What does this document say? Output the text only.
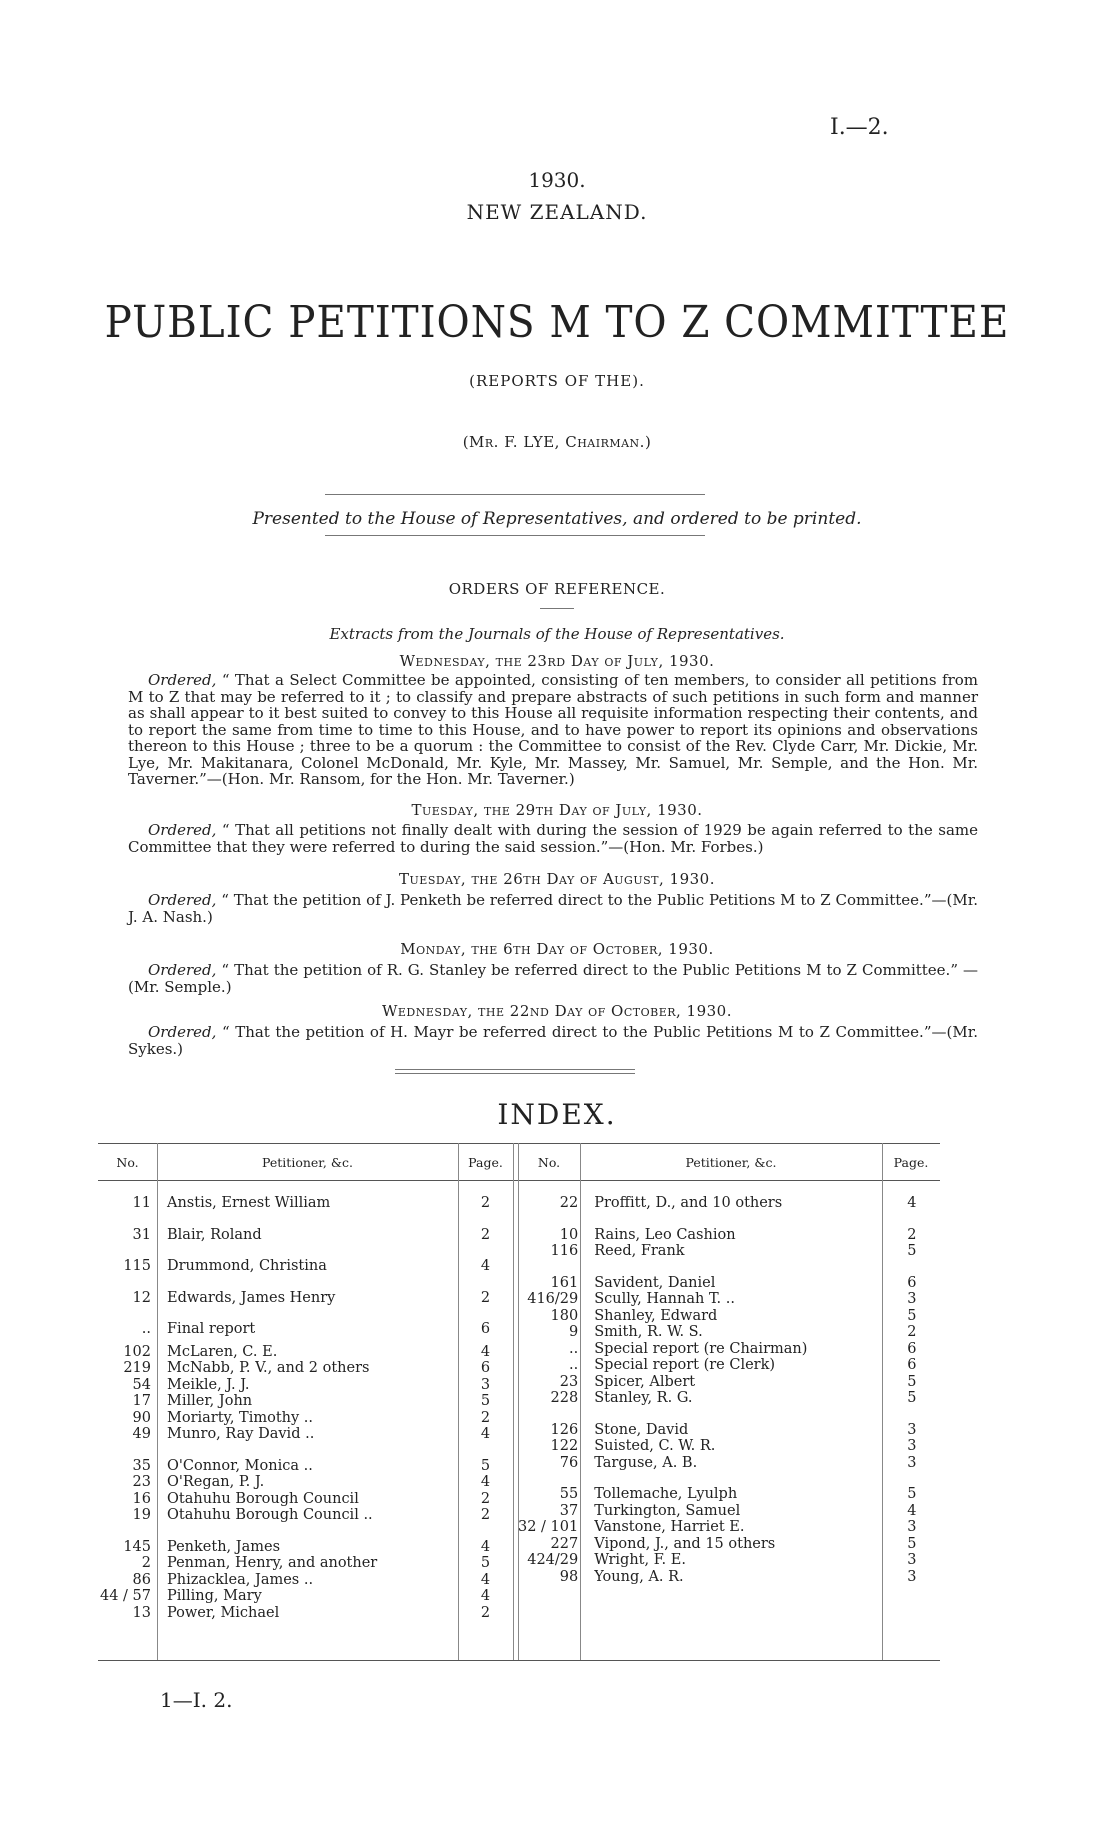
I.—2.
1930.
NEW ZEALAND.
PUBLIC PETITIONS M TO Z COMMITTEE
(REPORTS OF THE).
(Mr. F. LYE, Chairman.)
Presented to the House of Representatives, and ordered to be printed.
ORDERS OF REFERENCE.
Extracts from the Journals of the House of Representatives.
Wednesday, the 23rd Day of July, 1930.
Ordered, “ That a Select Committee be appointed, consisting of ten members, to consider all petitions from M to Z that may be referred to it ; to classify and prepare abstracts of such petitions in such form and manner as shall appear to it best suited to convey to this House all requisite information respecting their contents, and to report the same from time to time to this House, and to have power to report its opinions and observations thereon to this House ; three to be a quorum : the Committee to consist of the Rev. Clyde Carr, Mr. Dickie, Mr. Lye, Mr. Makitanara, Colonel McDonald, Mr. Kyle, Mr. Massey, Mr. Samuel, Mr. Semple, and the Hon. Mr. Taverner.”—(Hon. Mr. Ransom, for the Hon. Mr. Taverner.)
Tuesday, the 29th Day of July, 1930.
Ordered, “ That all petitions not finally dealt with during the session of 1929 be again referred to the same Committee that they were referred to during the said session.”—(Hon. Mr. Forbes.)
Tuesday, the 26th Day of August, 1930.
Ordered, “ That the petition of J. Penketh be referred direct to the Public Petitions M to Z Committee.”—(Mr. J. A. Nash.)
Monday, the 6th Day of October, 1930.
Ordered, “ That the petition of R. G. Stanley be referred direct to the Public Petitions M to Z Committee.” —(Mr. Semple.)
Wednesday, the 22nd Day of October, 1930.
Ordered, “ That the petition of H. Mayr be referred direct to the Public Petitions M to Z Committee.”—(Mr. Sykes.)
INDEX.
No.	Petitioner, &c.	Page.	No.	Petitioner, &c.	Page.
11	Anstis, Ernest William	2
31	Blair, Roland	2
115	Drummond, Christina	4
12	Edwards, James Henry	2
..	Final report	6
102	McLaren, C. E.	4
219	McNabb, P. V., and 2 others	6
54	Meikle, J. J.	3
17	Miller, John	5
90	Moriarty, Timothy ..	2
49	Munro, Ray David ..	4
35	O'Connor, Monica ..	5
23	O'Regan, P. J.	4
16	Otahuhu Borough Council	2
19	Otahuhu Borough Council ..	2
145	Penketh, James	4
2	Penman, Henry, and another	5
86	Phizacklea, James ..	4
44 / 57	Pilling, Mary	4
13	Power, Michael	2
22	Proffitt, D., and 10 others	4
10	Rains, Leo Cashion	2
116	Reed, Frank	5
161	Savident, Daniel	6
416/29	Scully, Hannah T. ..	3
180	Shanley, Edward	5
9	Smith, R. W. S.	2
..	Special report (re Chairman)	6
..	Special report (re Clerk)	6
23	Spicer, Albert	5
228	Stanley, R. G.	5
126	Stone, David	3
122	Suisted, C. W. R.	3
76	Targuse, A. B.	3
55	Tollemache, Lyulph	5
37	Turkington, Samuel	4
32 / 101	Vanstone, Harriet E.	3
227	Vipond, J., and 15 others	5
424/29	Wright, F. E.	3
98	Young, A. R.	3
1—I. 2.
